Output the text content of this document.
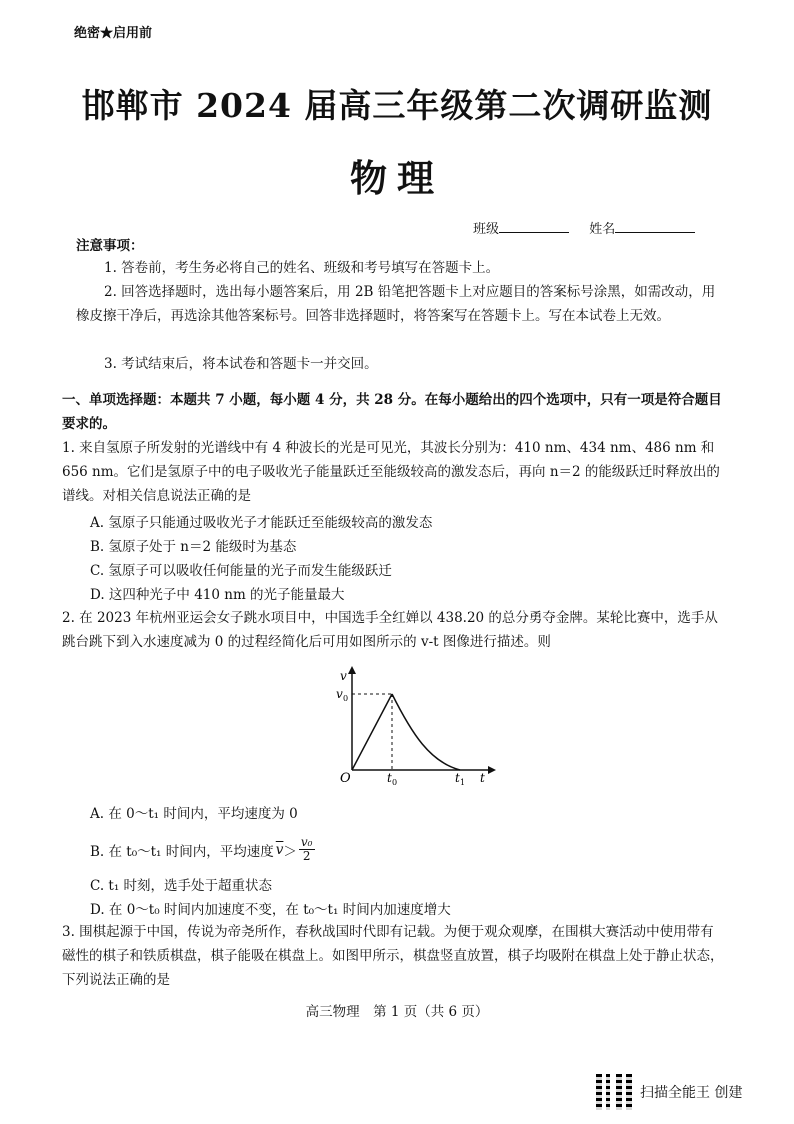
绝密★启用前
邯郸市 2024 届高三年级第二次调研监测
物理
班级	姓名
注意事项：
1. 答卷前，考生务必将自己的姓名、班级和考号填写在答题卡上。
2. 回答选择题时，选出每小题答案后，用 2B 铅笔把答题卡上对应题目的答案标号涂黑，如需改动，用橡皮擦干净后，再选涂其他答案标号。回答非选择题时，将答案写在答题卡上。写在本试卷上无效。
3. 考试结束后，将本试卷和答题卡一并交回。
一、单项选择题：本题共 7 小题，每小题 4 分，共 28 分。在每小题给出的四个选项中，只有一项是符合题目要求的。
1. 来自氢原子所发射的光谱线中有 4 种波长的光是可见光，其波长分别为：410 nm、434 nm、486 nm 和 656 nm。它们是氢原子中的电子吸收光子能量跃迁至能级较高的激发态后，再向 n＝2 的能级跃迁时释放出的谱线。对相关信息说法正确的是
A. 氢原子只能通过吸收光子才能跃迁至能级较高的激发态
B. 氢原子处于 n＝2 能级时为基态
C. 氢原子可以吸收任何能量的光子而发生能级跃迁
D. 这四种光子中 410 nm 的光子能量最大
2. 在 2023 年杭州亚运会女子跳水项目中，中国选手全红婵以 438.20 的总分勇夺金牌。某轮比赛中，选手从跳台跳下到入水速度减为 0 的过程经简化后可用如图所示的 v-t 图像进行描述。则
v
v 0
O	t 0	t 1 t
A. 在 0～t₁ 时间内，平均速度为 0
B. 在 t₀～t₁ 时间内，平均速度 $\overline{v} > \frac{\text{v₀}}{2}$
C. t₁ 时刻，选手处于超重状态
D. 在 0～t₀ 时间内加速度不变，在 t₀～t₁ 时间内加速度增大
3. 围棋起源于中国，传说为帝尧所作，春秋战国时代即有记载。为便于观众观摩，在围棋大赛活动中使用带有磁性的棋子和铁质棋盘，棋子能吸在棋盘上。如图甲所示，棋盘竖直放置，棋子均吸附在棋盘上处于静止状态，下列说法正确的是
高三物理　第 1 页（共 6 页）
扫描全能王 创建
